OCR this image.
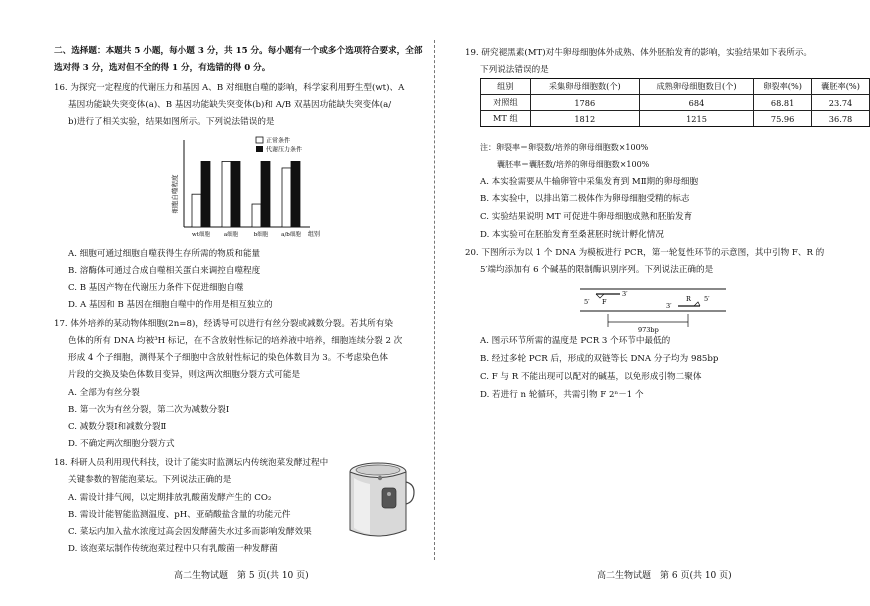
二、选择题：本题共 5 小题，每小题 3 分，共 15 分。每小题有一个或多个选项符合要求，全部
选对得 3 分，选对但不全的得 1 分，有选错的得 0 分。
16. 为探究一定程度的代谢压力和基因 A、B 对细胞自噬的影响，科学家利用野生型(wt)、A
基因功能缺失突变体(a)、B 基因功能缺失突变体(b)和 A/B 双基因功能缺失突变体(a/
b)进行了相关实验，结果如图所示。下列说法错误的是
细胞自噬程度
wt细胞	a细胞	b细胞 a/b细胞 组别
正常条件
代谢压力条件
A. 细胞可通过细胞自噬获得生存所需的物质和能量
B. 溶酶体可通过合成自噬相关蛋白来调控自噬程度
C. B 基因产物在代谢压力条件下促进细胞自噬
D. A 基因和 B 基因在细胞自噬中的作用是相互独立的
17. 体外培养的某动物体细胞(2n=8)，经诱导可以进行有丝分裂或减数分裂。若其所有染
色体的所有 DNA 均被³H 标记，在不含放射性标记的培养液中培养，细胞连续分裂 2 次
形成 4 个子细胞，测得某个子细胞中含放射性标记的染色体数目为 3。不考虑染色体
片段的交换及染色体数目变异，则这两次细胞分裂方式可能是
A. 全部为有丝分裂
B. 第一次为有丝分裂，第二次为减数分裂Ⅰ
C. 减数分裂Ⅰ和减数分裂Ⅱ
D. 不确定两次细胞分裂方式
18. 科研人员利用现代科技，设计了能实时监测坛内传统泡菜发酵过程中
关键参数的智能泡菜坛。下列说法正确的是
A. 需设计排气阀，以定期排放乳酸菌发酵产生的 CO₂
B. 需设计能智能监测温度、pH、亚硝酸盐含量的功能元件
C. 菜坛内加入盐水浓度过高会因发酵菌失水过多而影响发酵效果
D. 该泡菜坛制作传统泡菜过程中只有乳酸菌一种发酵菌
高二生物试题　第 5 页(共 10 页)
19. 研究褪黑素(MT)对牛卵母细胞体外成熟、体外胚胎发育的影响，实验结果如下表所示。
下列说法错误的是
组别	采集卵母细胞数(个)	成熟卵母细胞数目(个)	卵裂率(%)	囊胚率(%)
对照组	1786	684	68.81	23.74
MT 组	1812	1215	75.96	36.78
注：卵裂率＝卵裂数/培养的卵母细胞数×100%
囊胚率＝囊胚数/培养的卵母细胞数×100%
A. 本实验需要从牛输卵管中采集发育到 MⅡ期的卵母细胞
B. 本实验中，以排出第二极体作为卵母细胞受精的标志
C. 实验结果说明 MT 可促进牛卵母细胞成熟和胚胎发育
D. 本实验可在胚胎发育至桑葚胚时统计孵化情况
20. 下图所示为以 1 个 DNA 为模板进行 PCR，第一轮复性环节的示意图，其中引物 F、R 的
5′端均添加有 6 个碱基的限制酶识别序列。下列说法正确的是
5′ F
3′
3′
R 5′
973bp
A. 图示环节所需的温度是 PCR 3 个环节中最低的
B. 经过多轮 PCR 后，形成的双链等长 DNA 分子均为 985bp
C. F 与 R 不能出现可以配对的碱基，以免形成引物二聚体
D. 若进行 n 轮循环，共需引物 F 2ⁿ－1 个
高二生物试题　第 6 页(共 10 页)
